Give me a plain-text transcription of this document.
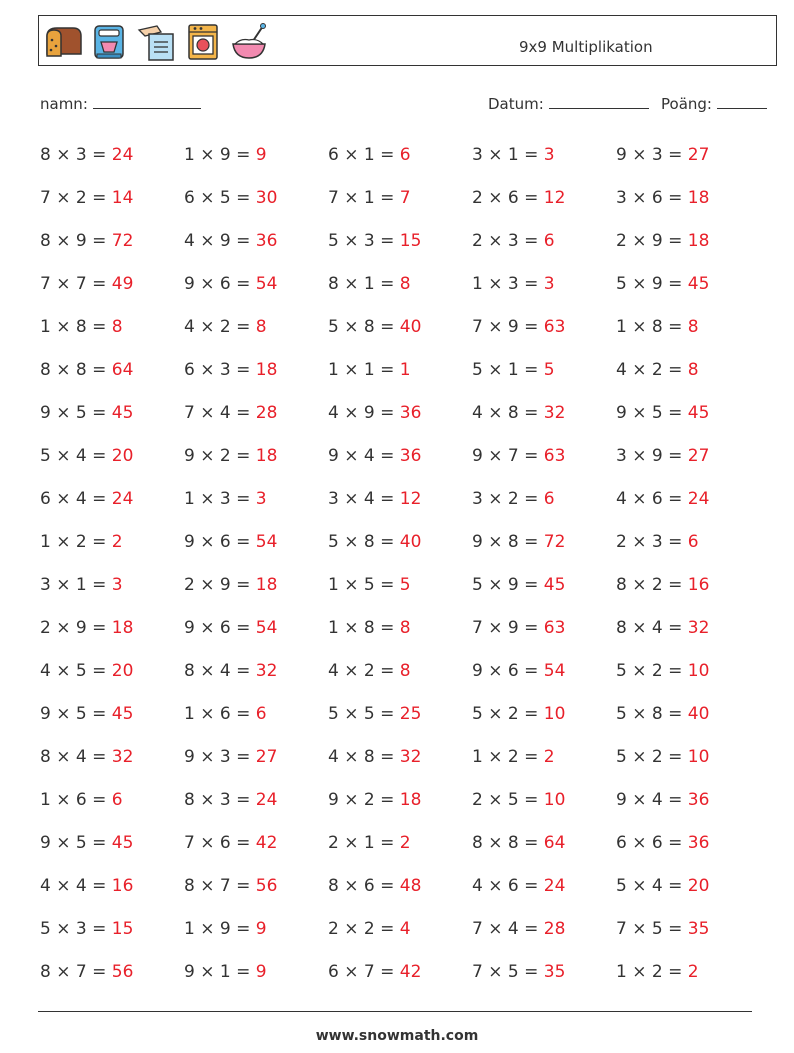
9x9 Multiplikation
namn:	Datum:	Poäng:
8 × 3 = 24	1 × 9 = 9	6 × 1 = 6	3 × 1 = 3	9 × 3 = 27
7 × 2 = 14	6 × 5 = 30	7 × 1 = 7	2 × 6 = 12	3 × 6 = 18
8 × 9 = 72	4 × 9 = 36	5 × 3 = 15	2 × 3 = 6	2 × 9 = 18
7 × 7 = 49	9 × 6 = 54	8 × 1 = 8	1 × 3 = 3	5 × 9 = 45
1 × 8 = 8	4 × 2 = 8	5 × 8 = 40	7 × 9 = 63	1 × 8 = 8
8 × 8 = 64	6 × 3 = 18	1 × 1 = 1	5 × 1 = 5	4 × 2 = 8
9 × 5 = 45	7 × 4 = 28	4 × 9 = 36	4 × 8 = 32	9 × 5 = 45
5 × 4 = 20	9 × 2 = 18	9 × 4 = 36	9 × 7 = 63	3 × 9 = 27
6 × 4 = 24	1 × 3 = 3	3 × 4 = 12	3 × 2 = 6	4 × 6 = 24
1 × 2 = 2	9 × 6 = 54	5 × 8 = 40	9 × 8 = 72	2 × 3 = 6
3 × 1 = 3	2 × 9 = 18	1 × 5 = 5	5 × 9 = 45	8 × 2 = 16
2 × 9 = 18	9 × 6 = 54	1 × 8 = 8	7 × 9 = 63	8 × 4 = 32
4 × 5 = 20	8 × 4 = 32	4 × 2 = 8	9 × 6 = 54	5 × 2 = 10
9 × 5 = 45	1 × 6 = 6	5 × 5 = 25	5 × 2 = 10	5 × 8 = 40
8 × 4 = 32	9 × 3 = 27	4 × 8 = 32	1 × 2 = 2	5 × 2 = 10
1 × 6 = 6	8 × 3 = 24	9 × 2 = 18	2 × 5 = 10	9 × 4 = 36
9 × 5 = 45	7 × 6 = 42	2 × 1 = 2	8 × 8 = 64	6 × 6 = 36
4 × 4 = 16	8 × 7 = 56	8 × 6 = 48	4 × 6 = 24	5 × 4 = 20
5 × 3 = 15	1 × 9 = 9	2 × 2 = 4	7 × 4 = 28	7 × 5 = 35
8 × 7 = 56	9 × 1 = 9	6 × 7 = 42	7 × 5 = 35	1 × 2 = 2
www.snowmath.com
